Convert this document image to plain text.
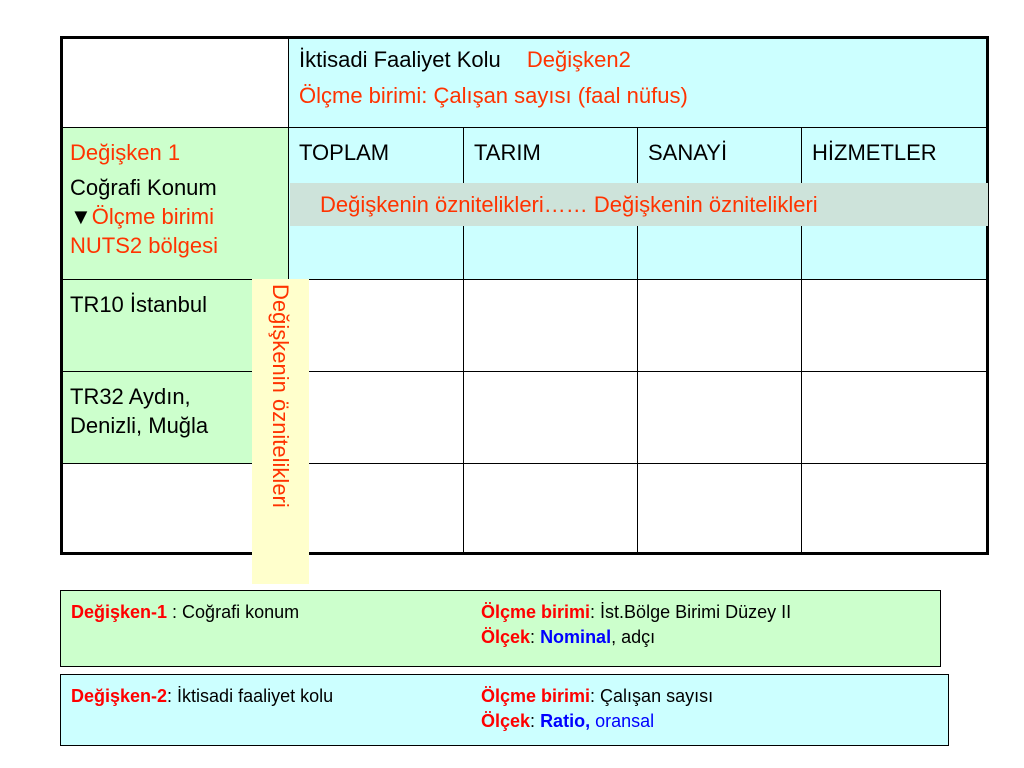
İktisadi Faaliyet Kolu Değişken2
Ölçme birimi: Çalışan sayısı (faal nüfus)
Değişken 1
Coğrafi Konum
▼Ölçme birimi
NUTS2 bölgesi
TOPLAM	TARIM	SANAYİ	HİZMETLER
TR10 İstanbul
TR32 Aydın,
Denizli, Muğla
Değişkenin öznitelikleri…… Değişkenin öznitelikleri
Değişkenin öznitelikleri
Değişken-1 : Coğrafi konum	Ölçme birimi: İst.Bölge Birimi Düzey II
Ölçek: Nominal, adçı
Değişken-2: İktisadi faaliyet kolu	Ölçme birimi: Çalışan sayısı
Ölçek: Ratio, oransal
